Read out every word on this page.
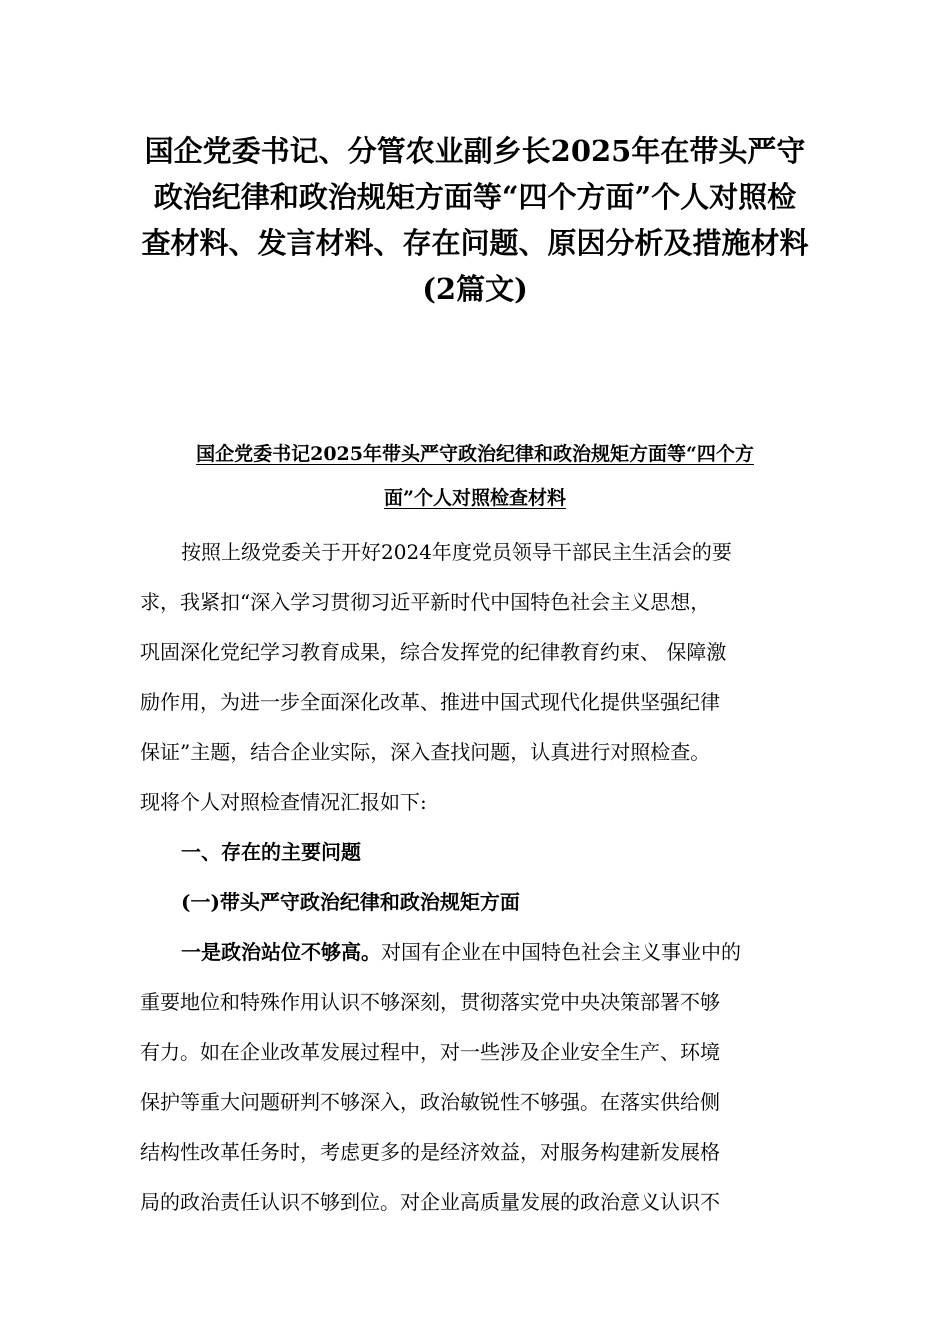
国企党委书记、分管农业副乡长2025年在带头严守
政治纪律和政治规矩方面等“四个方面”个人对照检
查材料、发言材料、存在问题、原因分析及措施材料
(2篇文)
国企党委书记2025年带头严守政治纪律和政治规矩方面等“四个方
面”个人对照检查材料
按照上级党委关于开好2024年度党员领导干部民主生活会的要
求，我紧扣“深入学习贯彻习近平新时代中国特色社会主义思想，
巩固深化党纪学习教育成果，综合发挥党的纪律教育约束、 保障激
励作用，为进一步全面深化改革、推进中国式现代化提供坚强纪律
保证”主题，结合企业实际，深入查找问题，认真进行对照检查。
现将个人对照检查情况汇报如下:
一、存在的主要问题
(一)带头严守政治纪律和政治规矩方面
一是政治站位不够高。对国有企业在中国特色社会主义事业中的
重要地位和特殊作用认识不够深刻，贯彻落实党中央决策部署不够
有力。如在企业改革发展过程中，对一些涉及企业安全生产、环境
保护等重大问题研判不够深入，政治敏锐性不够强。在落实供给侧
结构性改革任务时，考虑更多的是经济效益，对服务构建新发展格
局的政治责任认识不够到位。对企业高质量发展的政治意义认识不
